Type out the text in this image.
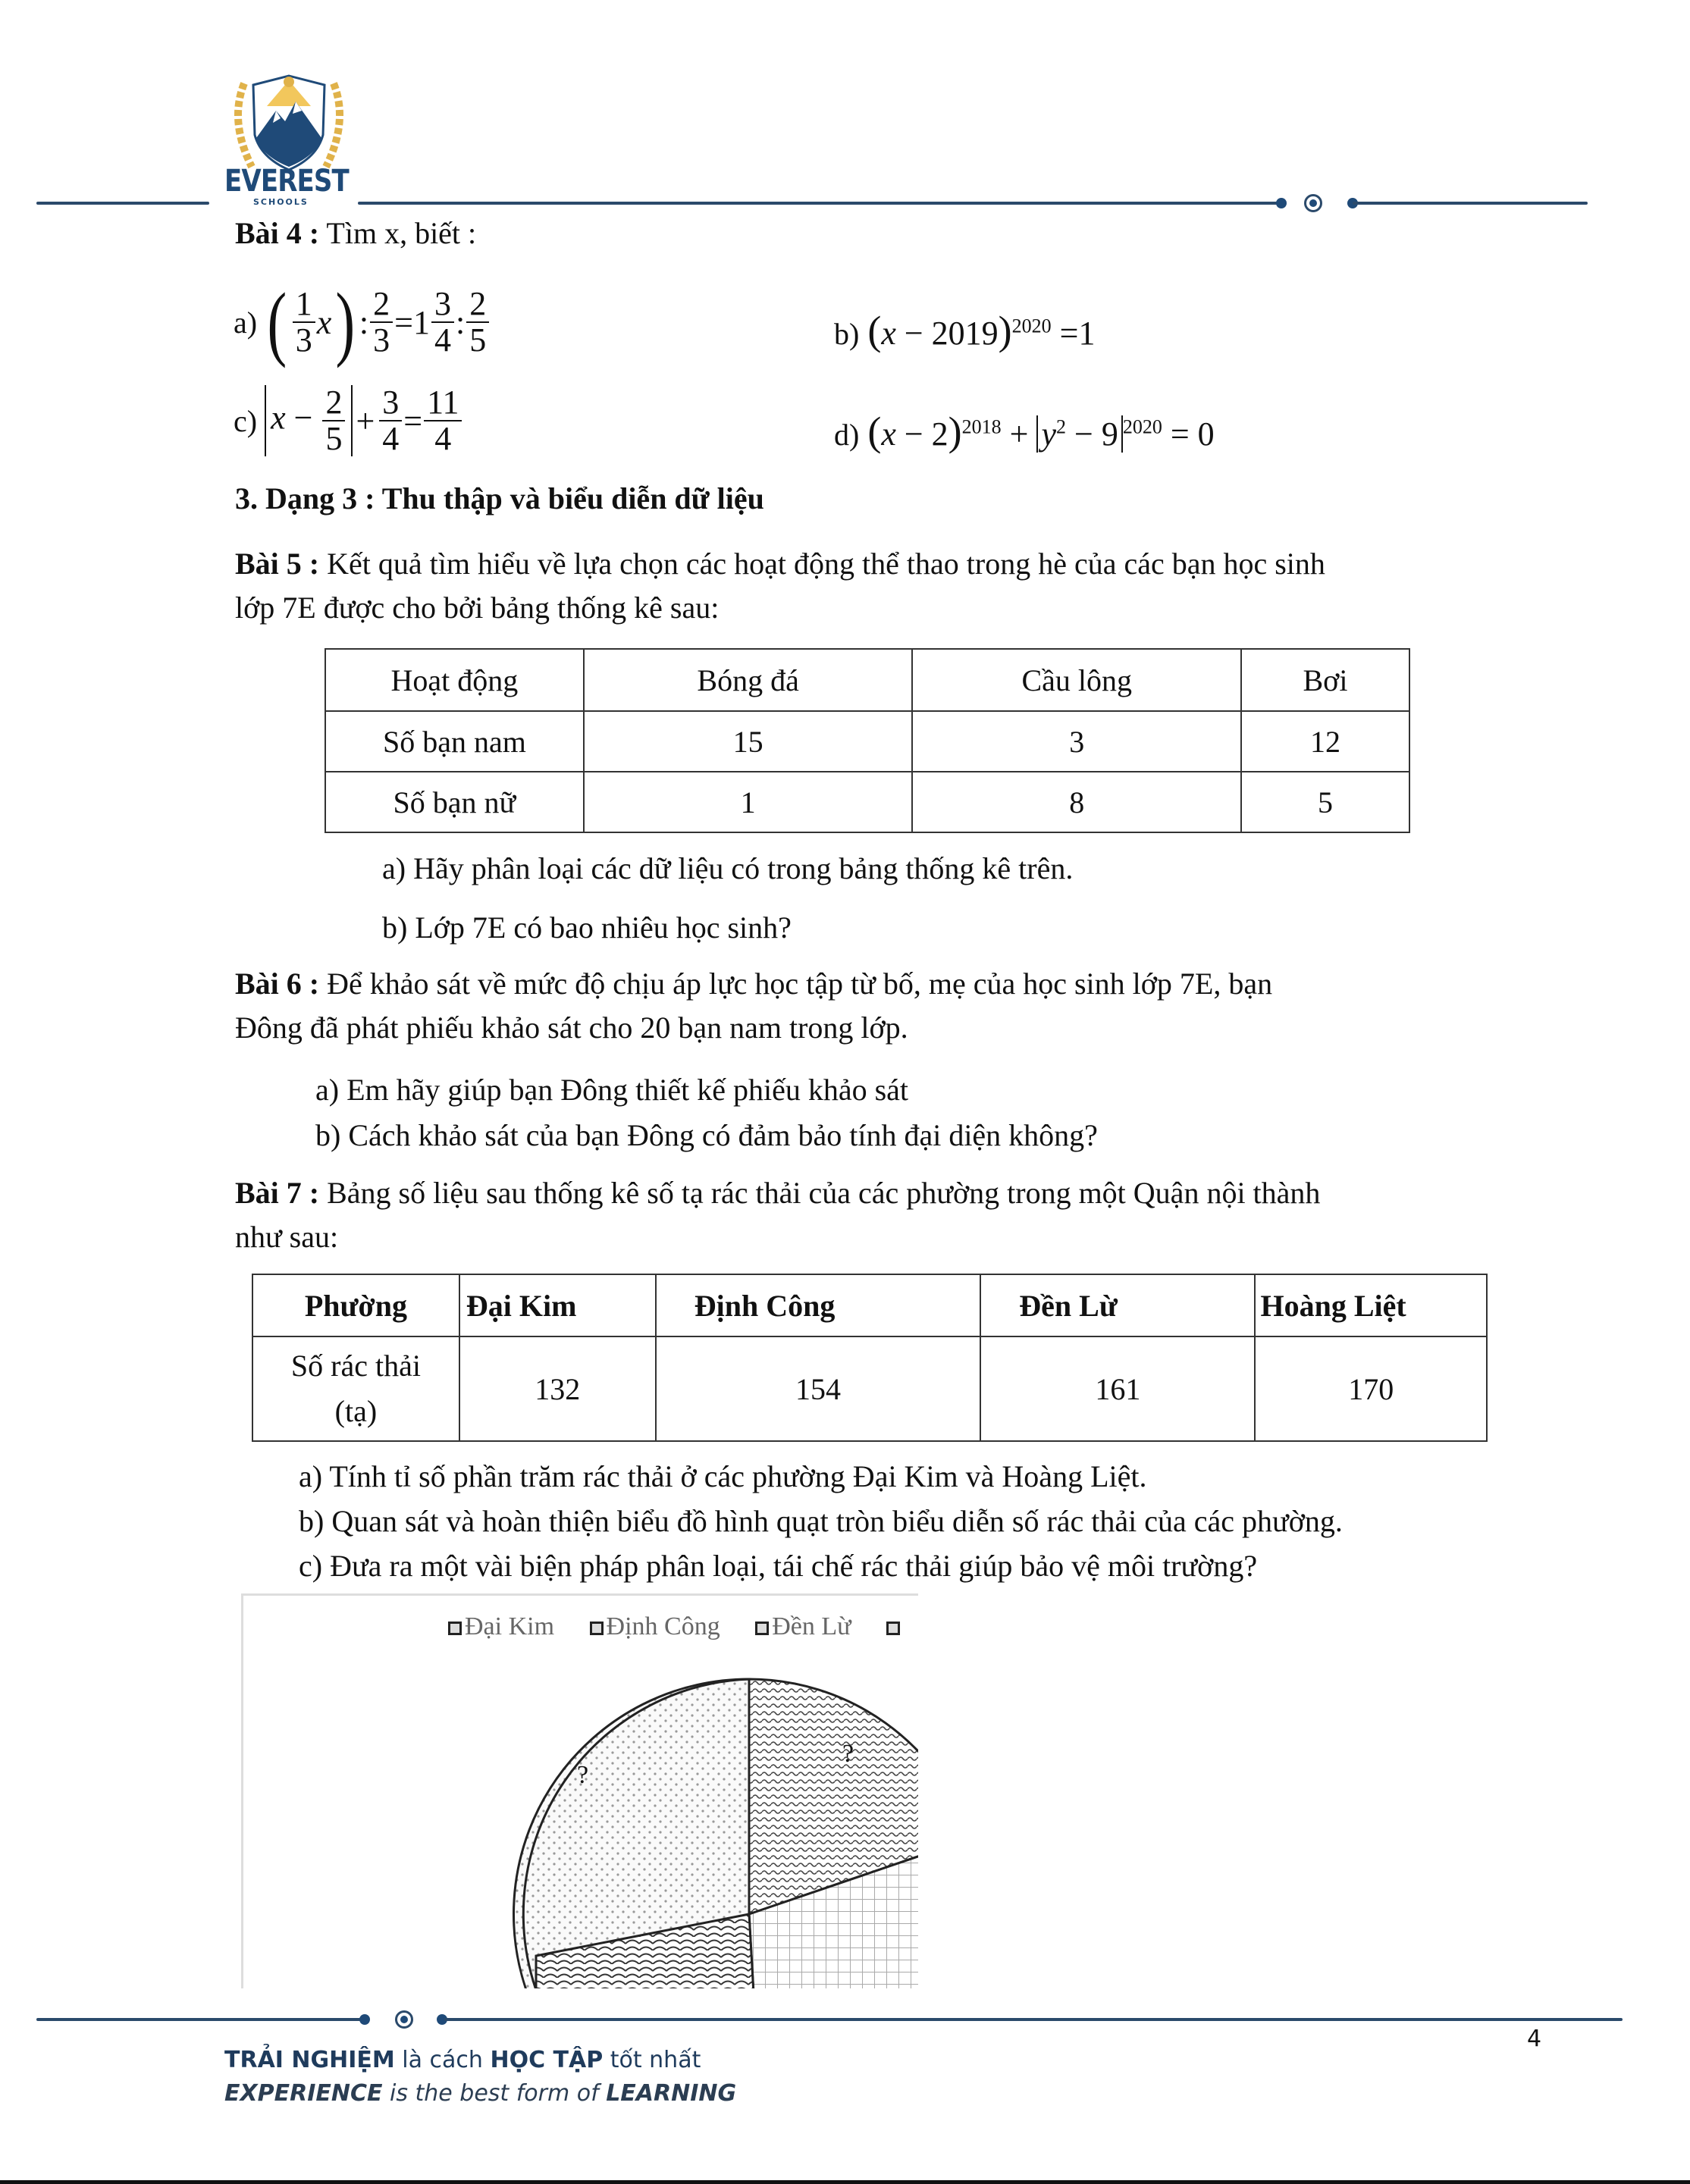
EVEREST
SCHOOLS
Bài 4 : Tìm x, biết :
a) ( $\frac{1}{3}$ x ) : $\frac{2}{3} =1 \frac{3}{4}$ : $\frac{2}{5}$	b) $(x - 2019)^{2020} =1$
c) $x - \frac{2}{5} + \frac{3}{4} = \frac{11}{4}$	d) $(x - 2)^{2018} + y^2 - 9$ $^{2020}$ = 0
3. Dạng 3 : Thu thập và biểu diễn dữ liệu
Bài 5 : Kết quả tìm hiểu về lựa chọn các hoạt động thể thao trong hè của các bạn học sinh
lớp 7E được cho bởi bảng thống kê sau:
Hoạt động	Bóng đá	Cầu lông	Bơi
Số bạn nam	15	3	12
Số bạn nữ	1	8	5
a) Hãy phân loại các dữ liệu có trong bảng thống kê trên.
b) Lớp 7E có bao nhiêu học sinh?
Bài 6 : Để khảo sát về mức độ chịu áp lực học tập từ bố, mẹ của học sinh lớp 7E, bạn
Đông đã phát phiếu khảo sát cho 20 bạn nam trong lớp.
a) Em hãy giúp bạn Đông thiết kế phiếu khảo sát
b) Cách khảo sát của bạn Đông có đảm bảo tính đại diện không?
Bài 7 : Bảng số liệu sau thống kê số tạ rác thải của các phường trong một Quận nội thành
như sau:
Phường	Đại Kim	Định Công	Đền Lừ	Hoàng Liệt

Số rác thải
(tạ)	132	154	161	170
a) Tính tỉ số phần trăm rác thải ở các phường Đại Kim và Hoàng Liệt.
b) Quan sát và hoàn thiện biểu đồ hình quạt tròn biểu diễn số rác thải của các phường.
c) Đưa ra một vài biện pháp phân loại, tái chế rác thải giúp bảo vệ môi trường?
Đại Kim Định Công Đền Lừ
?
?
4
TRẢI NGHIỆM là cách HỌC TẬP tốt nhất
EXPERIENCE is the best form of LEARNING
